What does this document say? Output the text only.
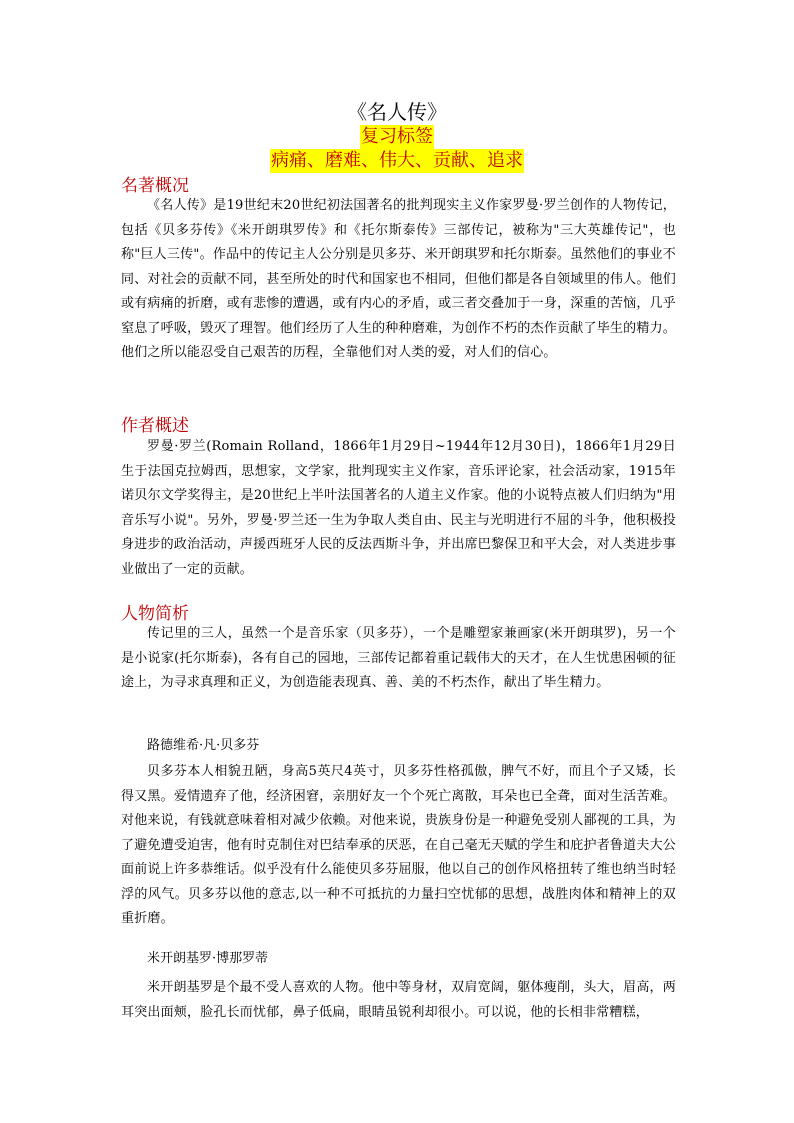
《名人传》
复习标签
病痛、磨难、伟大、贡献、追求
名著概况
《名人传》是19世纪末20世纪初法国著名的批判现实主义作家罗曼·罗兰创作的人物传记，包括《贝多芬传》《米开朗琪罗传》和《托尔斯泰传》三部传记，被称为"三大英雄传记"，也称"巨人三传"。作品中的传记主人公分别是贝多芬、米开朗琪罗和托尔斯泰。虽然他们的事业不同、对社会的贡献不同，甚至所处的时代和国家也不相同，但他们都是各自领域里的伟人。他们或有病痛的折磨，或有悲惨的遭遇，或有内心的矛盾，或三者交叠加于一身，深重的苦恼，几乎窒息了呼吸，毁灭了理智。他们经历了人生的种种磨难，为创作不朽的杰作贡献了毕生的精力。他们之所以能忍受自己艰苦的历程，全靠他们对人类的爱，对人们的信心。
作者概述
罗曼·罗兰(Romain Rolland，1866年1月29日~1944年12月30日)，1866年1月29日生于法国克拉姆西，思想家，文学家，批判现实主义作家，音乐评论家，社会活动家，1915年诺贝尔文学奖得主，是20世纪上半叶法国著名的人道主义作家。他的小说特点被人们归纳为"用音乐写小说"。另外，罗曼·罗兰还一生为争取人类自由、民主与光明进行不屈的斗争，他积极投身进步的政治活动，声援西班牙人民的反法西斯斗争，并出席巴黎保卫和平大会，对人类进步事业做出了一定的贡献。
人物简析
传记里的三人，虽然一个是音乐家（贝多芬），一个是雕塑家兼画家(米开朗琪罗)，另一个是小说家(托尔斯泰)，各有自己的园地，三部传记都着重记载伟大的天才，在人生忧患困顿的征途上，为寻求真理和正义，为创造能表现真、善、美的不朽杰作，献出了毕生精力。
路德维希·凡·贝多芬
贝多芬本人相貌丑陋，身高5英尺4英寸，贝多芬性格孤傲，脾气不好，而且个子又矮，长得又黑。爱情遗弃了他，经济困窘，亲朋好友一个个死亡离散，耳朵也已全聋，面对生活苦难。对他来说，有钱就意味着相对减少依赖。对他来说，贵族身份是一种避免受别人鄙视的工具，为了避免遭受迫害，他有时克制住对巴结奉承的厌恶，在自己毫无天赋的学生和庇护者鲁道夫大公面前说上许多恭维话。似乎没有什么能使贝多芬屈服，他以自己的创作风格扭转了维也纳当时轻浮的风气。贝多芬以他的意志,以一种不可抵抗的力量扫空忧郁的思想，战胜肉体和精神上的双重折磨。
米开朗基罗·博那罗蒂
米开朗基罗是个最不受人喜欢的人物。他中等身材，双肩宽阔，躯体瘦削，头大，眉高，两耳突出面颊，脸孔长而忧郁，鼻子低扁，眼睛虽锐利却很小。可以说，他的长相非常糟糕，
